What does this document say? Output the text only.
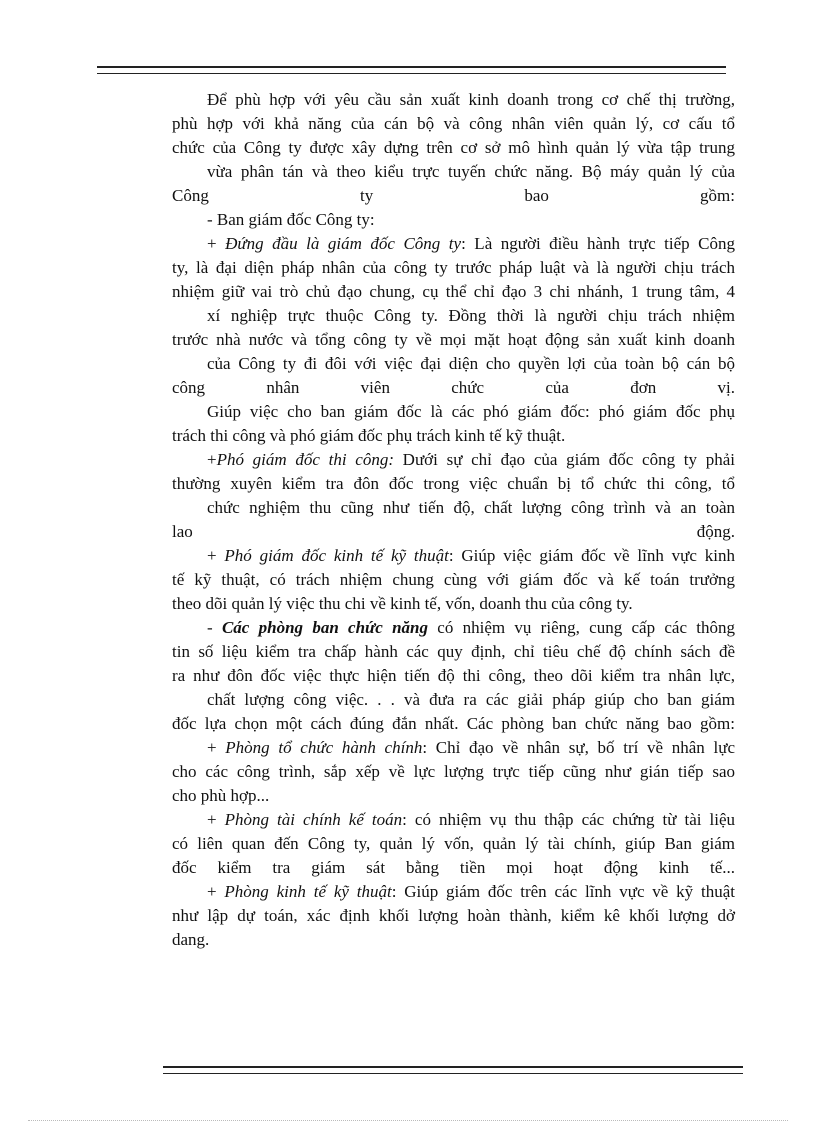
Để phù hợp với yêu cầu sản xuất kinh doanh trong cơ chế thị trường,
phù hợp với khả năng của cán bộ và công nhân viên quản lý, cơ cấu tổ
chức của Công ty được xây dựng trên cơ sở mô hình quản lý vừa tập trung
vừa phân tán và theo kiểu trực tuyến chức năng. Bộ máy quản lý của
Công ty bao gồm:
- Ban giám đốc Công ty:
+ Đứng đầu là giám đốc Công ty: Là người điều hành trực tiếp Công
ty, là đại diện pháp nhân của công ty trước pháp luật và là người chịu trách
nhiệm giữ vai trò chủ đạo chung, cụ thể chỉ đạo 3 chi nhánh, 1 trung tâm, 4
xí nghiệp trực thuộc Công ty. Đồng thời là người chịu trách nhiệm
trước nhà nước và tổng công ty về mọi mặt hoạt động sản xuất kinh doanh
của Công ty đi đôi với việc đại diện cho quyền lợi của toàn bộ cán bộ
công nhân viên chức của đơn vị.
Giúp việc cho ban giám đốc là các phó giám đốc: phó giám đốc phụ
trách thi công và phó giám đốc phụ trách kinh tế kỹ thuật.
+Phó giám đốc thi công: Dưới sự chỉ đạo của giám đốc công ty phải
thường xuyên kiểm tra đôn đốc trong việc chuẩn bị tổ chức thi công, tổ
chức nghiệm thu cũng như tiến độ, chất lượng công trình và an toàn
lao động.
+ Phó giám đốc kinh tế kỹ thuật: Giúp việc giám đốc về lĩnh vực kinh
tế kỹ thuật, có trách nhiệm chung cùng với giám đốc và kế toán trưởng
theo dõi quản lý việc thu chi về kinh tế, vốn, doanh thu của công ty.
- Các phòng ban chức năng có nhiệm vụ riêng, cung cấp các thông
tin số liệu kiểm tra chấp hành các quy định, chỉ tiêu chế độ chính sách đề
ra như đôn đốc việc thực hiện tiến độ thi công, theo dõi kiểm tra nhân lực,
chất lượng công việc. . . và đưa ra các giải pháp giúp cho ban giám
đốc lựa chọn một cách đúng đắn nhất. Các phòng ban chức năng bao gồm:
+ Phòng tổ chức hành chính: Chỉ đạo về nhân sự, bố trí về nhân lực
cho các công trình, sắp xếp về lực lượng trực tiếp cũng như gián tiếp sao
cho phù hợp...
+ Phòng tài chính kế toán: có nhiệm vụ thu thập các chứng từ tài liệu
có liên quan đến Công ty, quản lý vốn, quản lý tài chính, giúp Ban giám
đốc kiểm tra giám sát bằng tiền mọi hoạt động kinh tế...
+ Phòng kinh tế kỹ thuật: Giúp giám đốc trên các lĩnh vực về kỹ thuật
như lập dự toán, xác định khối lượng hoàn thành, kiểm kê khối lượng dở
dang.
